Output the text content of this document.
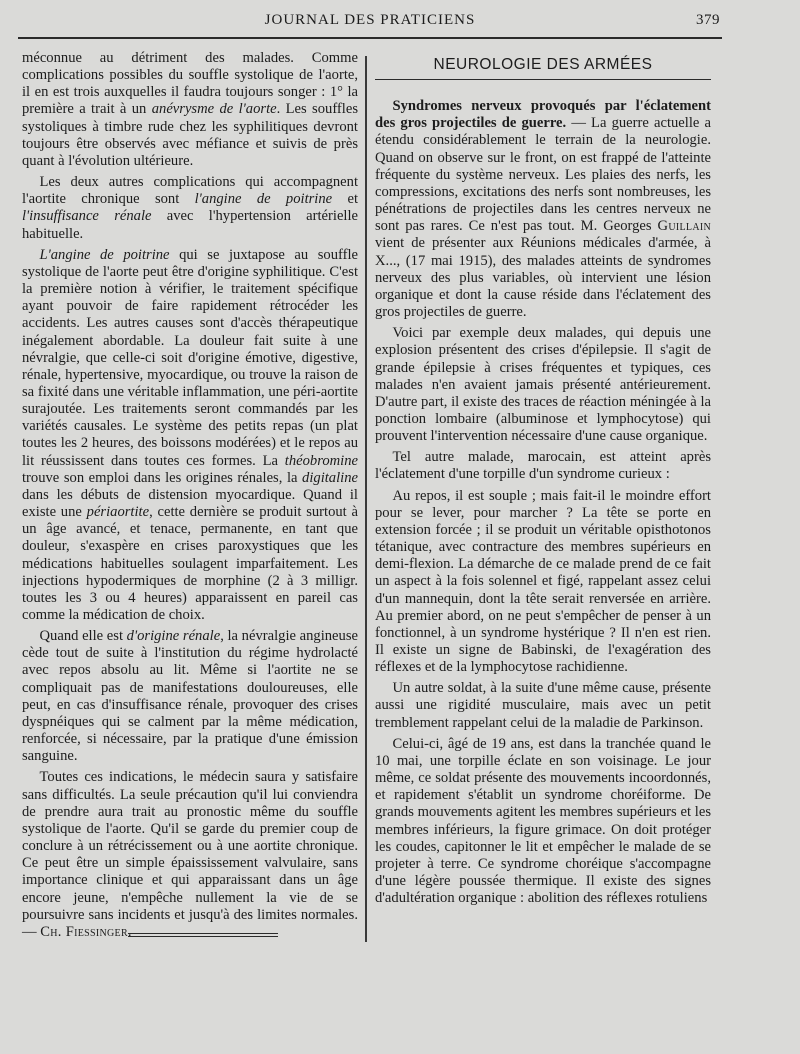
JOURNAL DES PRATICIENS	379

méconnue au détriment des malades. Comme complications possibles du souffle systolique de l'aorte, il en est trois auxquelles il faudra toujours songer : 1° la première a trait à un anévrysme de l'aorte. Les souffles systoliques à timbre rude chez les syphilitiques devront toujours être observés avec méfiance et suivis de près quant à l'évolution ultérieure.

Les deux autres complications qui accompagnent l'aortite chronique sont l'angine de poitrine et l'insuffisance rénale avec l'hypertension artérielle habituelle.

L'angine de poitrine qui se juxtapose au souffle systolique de l'aorte peut être d'origine syphilitique. C'est la première notion à vérifier, le traitement spécifique ayant pouvoir de faire rapidement rétrocéder les accidents. Les autres causes sont d'accès thérapeutique inégalement abordable. La douleur fait suite à une névralgie, que celle-ci soit d'origine émotive, digestive, rénale, hypertensive, myocardique, ou trouve la raison de sa fixité dans une véritable inflammation, une péri-aortite surajoutée. Les traitements seront commandés par les variétés causales. Le système des petits repas (un plat toutes les 2 heures, des boissons modérées) et le repos au lit réussissent dans toutes ces formes. La théobromine trouve son emploi dans les origines rénales, la digitaline dans les débuts de distension myocardique. Quand il existe une périaortite, cette dernière se produit surtout à un âge avancé, et tenace, permanente, en tant que douleur, s'exaspère en crises paroxystiques que les médications habituelles soulagent imparfaitement. Les injections hypodermiques de morphine (2 à 3 milligr. toutes les 3 ou 4 heures) apparaissent en pareil cas comme la médication de choix.

Quand elle est d'origine rénale, la névralgie angineuse cède tout de suite à l'institution du régime hydrolacté avec repos absolu au lit. Même si l'aortite ne se compliquait pas de manifestations douloureuses, elle peut, en cas d'insuffisance rénale, provoquer des crises dyspnéiques qui se calment par la même médication, renforcée, si nécessaire, par la pratique d'une émission sanguine.

Toutes ces indications, le médecin saura y satisfaire sans difficultés. La seule précaution qu'il lui conviendra de prendre aura trait au pronostic même du souffle systolique de l'aorte. Qu'il se garde du premier coup de conclure à un rétrécissement ou à une aortite chronique. Ce peut être un simple épaississement valvulaire, sans importance clinique et qui apparaissant dans un âge encore jeune, n'empêche nullement la vie de se poursuivre sans incidents et jusqu'à des limites normales. — Ch. Fiessinger.

NEUROLOGIE DES ARMÉES

Syndromes nerveux provoqués par l'éclatement des gros projectiles de guerre. — La guerre actuelle a étendu considérablement le terrain de la neurologie. Quand on observe sur le front, on est frappé de l'atteinte fréquente du système nerveux. Les plaies des nerfs, les compressions, excitations des nerfs sont nombreuses, les pénétrations de projectiles dans les centres nerveux ne sont pas rares. Ce n'est pas tout. M. Georges Guillain vient de présenter aux Réunions médicales d'armée, à X..., (17 mai 1915), des malades atteints de syndromes nerveux des plus variables, où intervient une lésion organique et dont la cause réside dans l'éclatement des gros projectiles de guerre.

Voici par exemple deux malades, qui depuis une explosion présentent des crises d'épilepsie. Il s'agit de grande épilepsie à crises fréquentes et typiques, ces malades n'en avaient jamais présenté antérieurement. D'autre part, il existe des traces de réaction méningée à la ponction lombaire (albuminose et lymphocytose) qui prouvent l'intervention nécessaire d'une cause organique.

Tel autre malade, marocain, est atteint après l'éclatement d'une torpille d'un syndrome curieux :

Au repos, il est souple ; mais fait-il le moindre effort pour se lever, pour marcher ? La tête se porte en extension forcée ; il se produit un véritable opisthotonos tétanique, avec contracture des membres supérieurs en demi-flexion. La démarche de ce malade prend de ce fait un aspect à la fois solennel et figé, rappelant assez celui d'un mannequin, dont la tête serait renversée en arrière. Au premier abord, on ne peut s'empêcher de penser à un fonctionnel, à un syndrome hystérique ? Il n'en est rien. Il existe un signe de Babinski, de l'exagération des réflexes et de la lymphocytose rachidienne.

Un autre soldat, à la suite d'une même cause, présente aussi une rigidité musculaire, mais avec un petit tremblement rappelant celui de la maladie de Parkinson.

Celui-ci, âgé de 19 ans, est dans la tranchée quand le 10 mai, une torpille éclate en son voisinage. Le jour même, ce soldat présente des mouvements incoordonnés, et rapidement s'établit un syndrome choréiforme. De grands mouvements agitent les membres supérieurs et les membres inférieurs, la figure grimace. On doit protéger les coudes, capitonner le lit et empêcher le malade de se projeter à terre. Ce syndrome choréique s'accompagne d'une légère poussée thermique. Il existe des signes d'adultération organique : abolition des réflexes rotuliens
